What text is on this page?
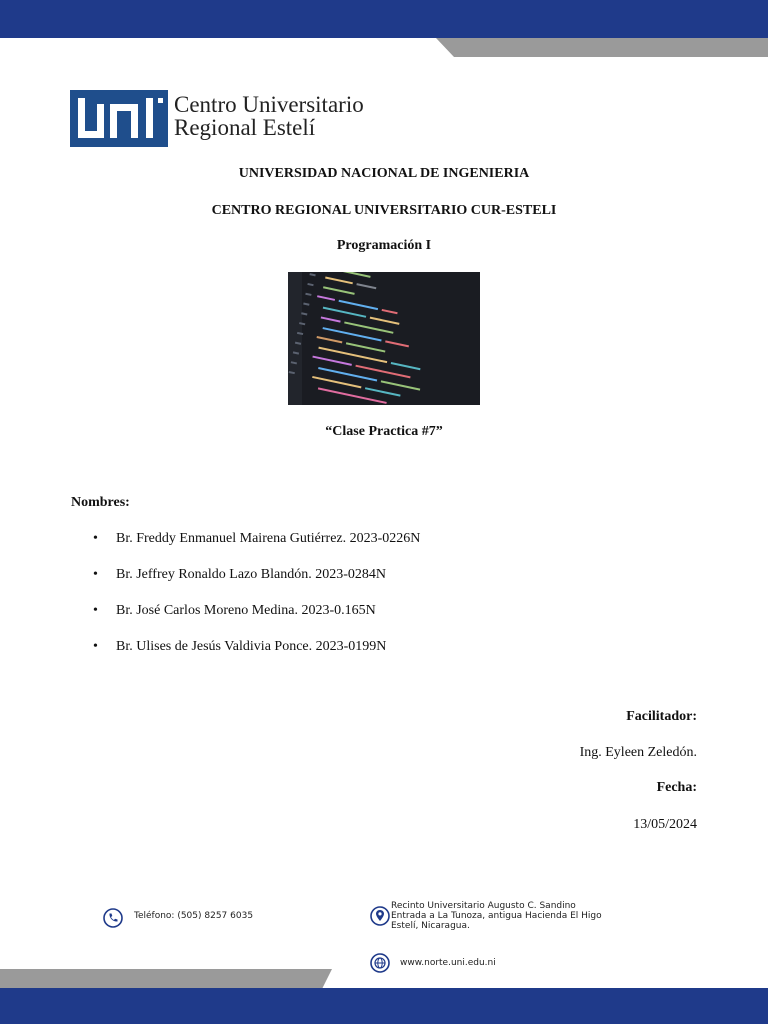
Centro Universitario
Regional Estelí
UNIVERSIDAD NACIONAL DE INGENIERIA
CENTRO REGIONAL UNIVERSITARIO CUR-ESTELI
Programación I
“Clase Practica #7”
Nombres:
• Br. Freddy Enmanuel Mairena Gutiérrez. 2023-0226N
• Br. Jeffrey Ronaldo Lazo Blandón. 2023-0284N
• Br. José Carlos Moreno Medina. 2023-0.165N
• Br. Ulises de Jesús Valdivia Ponce. 2023-0199N
Facilitador:
Ing. Eyleen Zeledón.
Fecha:
13/05/2024
Teléfono: (505) 8257 6035
Recinto Universitario Augusto C. Sandino
Entrada a La Tunoza, antigua Hacienda El Higo
Estelí, Nicaragua.
www.norte.uni.edu.ni
